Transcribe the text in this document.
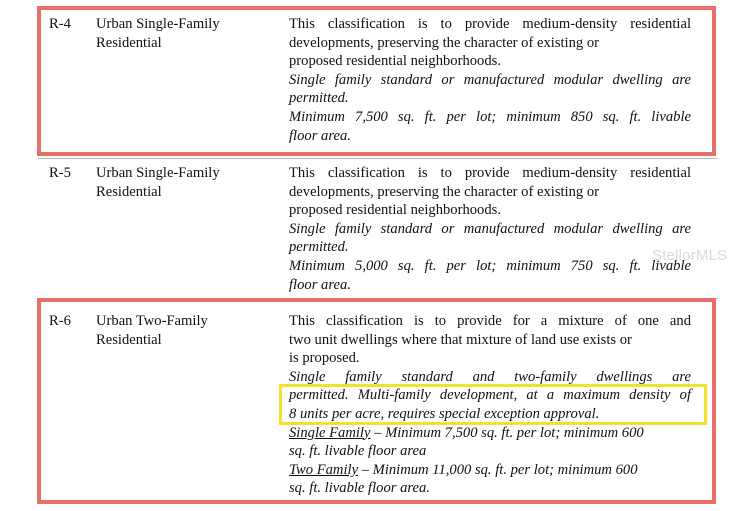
R-4 Urban Single-Family
Residential
This classification is to provide medium-density residential
developments, preserving the character of existing or
proposed residential neighborhoods.
Single family standard or manufactured modular dwelling are
permitted.
Minimum 7,500 sq. ft. per lot; minimum 850 sq. ft. livable
floor area.
R-5 Urban Single-Family
Residential
This classification is to provide medium-density residential
developments, preserving the character of existing or
proposed residential neighborhoods.
Single family standard or manufactured modular dwelling are
permitted.
Minimum 5,000 sq. ft. per lot; minimum 750 sq. ft. livable
floor area.
StellorMLS
R-6 Urban Two-Family
Residential
This classification is to provide for a mixture of one and
two unit dwellings where that mixture of land use exists or
is proposed.
Single family standard and two-family dwellings are
permitted. Multi-family development, at a maximum density of
8 units per acre, requires special exception approval.
Single Family – Minimum 7,500 sq. ft. per lot; minimum 600
sq. ft. livable floor area
Two Family – Minimum 11,000 sq. ft. per lot; minimum 600
sq. ft. livable floor area.
